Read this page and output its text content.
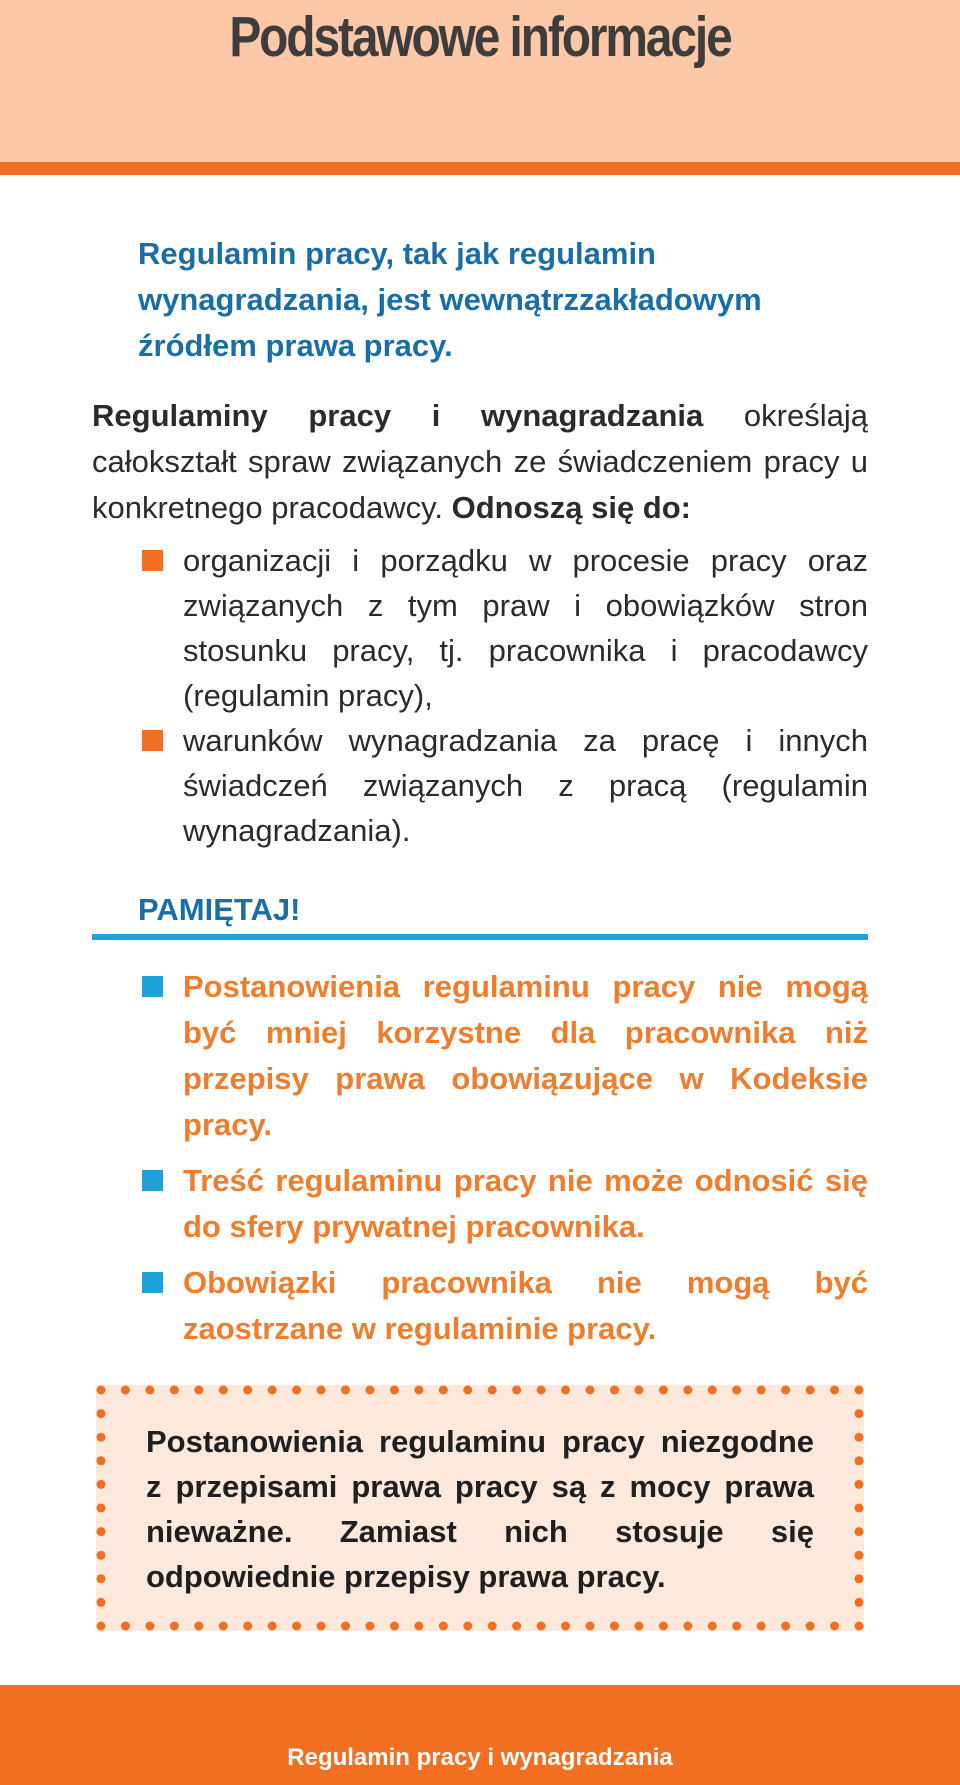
Podstawowe informacje

Regulamin pracy, tak jak regulamin wynagradzania, jest wewnątrzzakładowym źródłem prawa pracy.

Regulaminy pracy i wynagradzania określają całokształt spraw związanych ze świadczeniem pracy u konkretnego pracodawcy. Odnoszą się do:

organizacji i porządku w procesie pracy oraz związanych z tym praw i obowiązków stron stosunku pracy, tj. pracownika i pracodawcy (regulamin pracy),
warunków wynagradzania za pracę i innych świadczeń związanych z pracą (regulamin wynagradzania).

PAMIĘTAJ!

Postanowienia regulaminu pracy nie mogą być mniej korzystne dla pracownika niż przepisy prawa obowiązujące w Kodeksie pracy.
Treść regulaminu pracy nie może odnosić się do sfery prywatnej pracownika.
Obowiązki pracownika nie mogą być zaostrzane w regulaminie pracy.

Postanowienia regulaminu pracy niezgodne z przepisami prawa pracy są z mocy prawa nieważne. Zamiast nich stosuje się odpowiednie przepisy prawa pracy.

Regulamin pracy i wynagradzania
